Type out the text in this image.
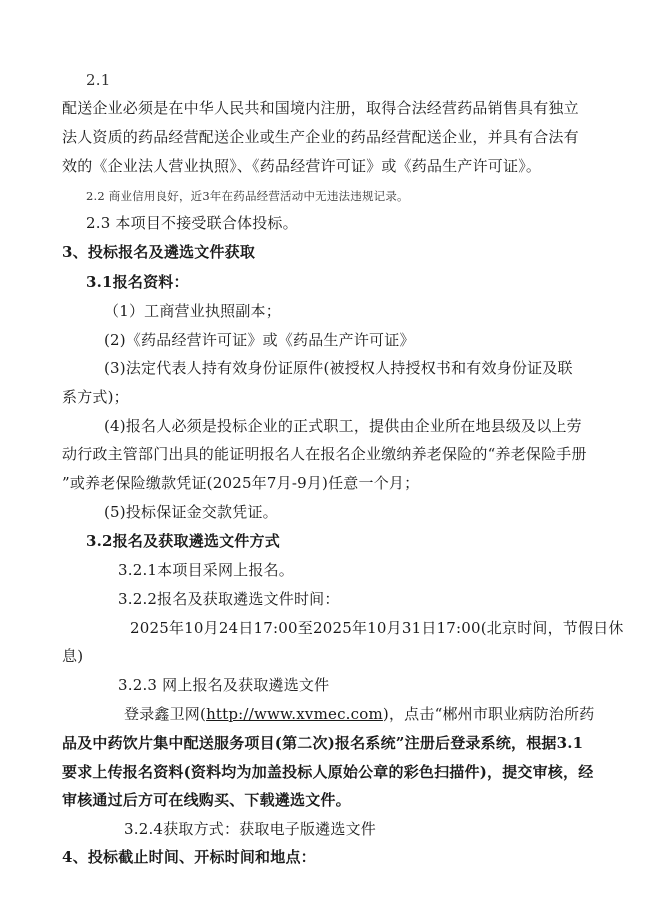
2.1
配送企业必须是在中华人民共和国境内注册，取得合法经营药品销售具有独立
法人资质的药品经营配送企业或生产企业的药品经营配送企业，并具有合法有
效的《企业法人营业执照》、《药品经营许可证》或《药品生产许可证》。
2.2 商业信用良好，近3年在药品经营活动中无违法违规记录。
2.3 本项目不接受联合体投标。
3、投标报名及遴选文件获取
3.1报名资料：
（1）工商营业执照副本；
(2)《药品经营许可证》或《药品生产许可证》
(3)法定代表人持有效身份证原件(被授权人持授权书和有效身份证及联
系方式)；
(4)报名人必须是投标企业的正式职工，提供由企业所在地县级及以上劳
动行政主管部门出具的能证明报名人在报名企业缴纳养老保险的“养老保险手册
”或养老保险缴款凭证(2025年7月-9月)任意一个月；
(5)投标保证金交款凭证。
3.2报名及获取遴选文件方式
3.2.1本项目采网上报名。
3.2.2报名及获取遴选文件时间：
2025年10月24日17:00至2025年10月31日17:00(北京时间，节假日休
息)
3.2.3 网上报名及获取遴选文件
登录鑫卫网(http://www.xvmec.com)，点击“郴州市职业病防治所药
品及中药饮片集中配送服务项目(第二次)报名系统”注册后登录系统，根据3.1
要求上传报名资料(资料均为加盖投标人原始公章的彩色扫描件)，提交审核，经
审核通过后方可在线购买、下载遴选文件。
3.2.4获取方式：获取电子版遴选文件
4、投标截止时间、开标时间和地点：
